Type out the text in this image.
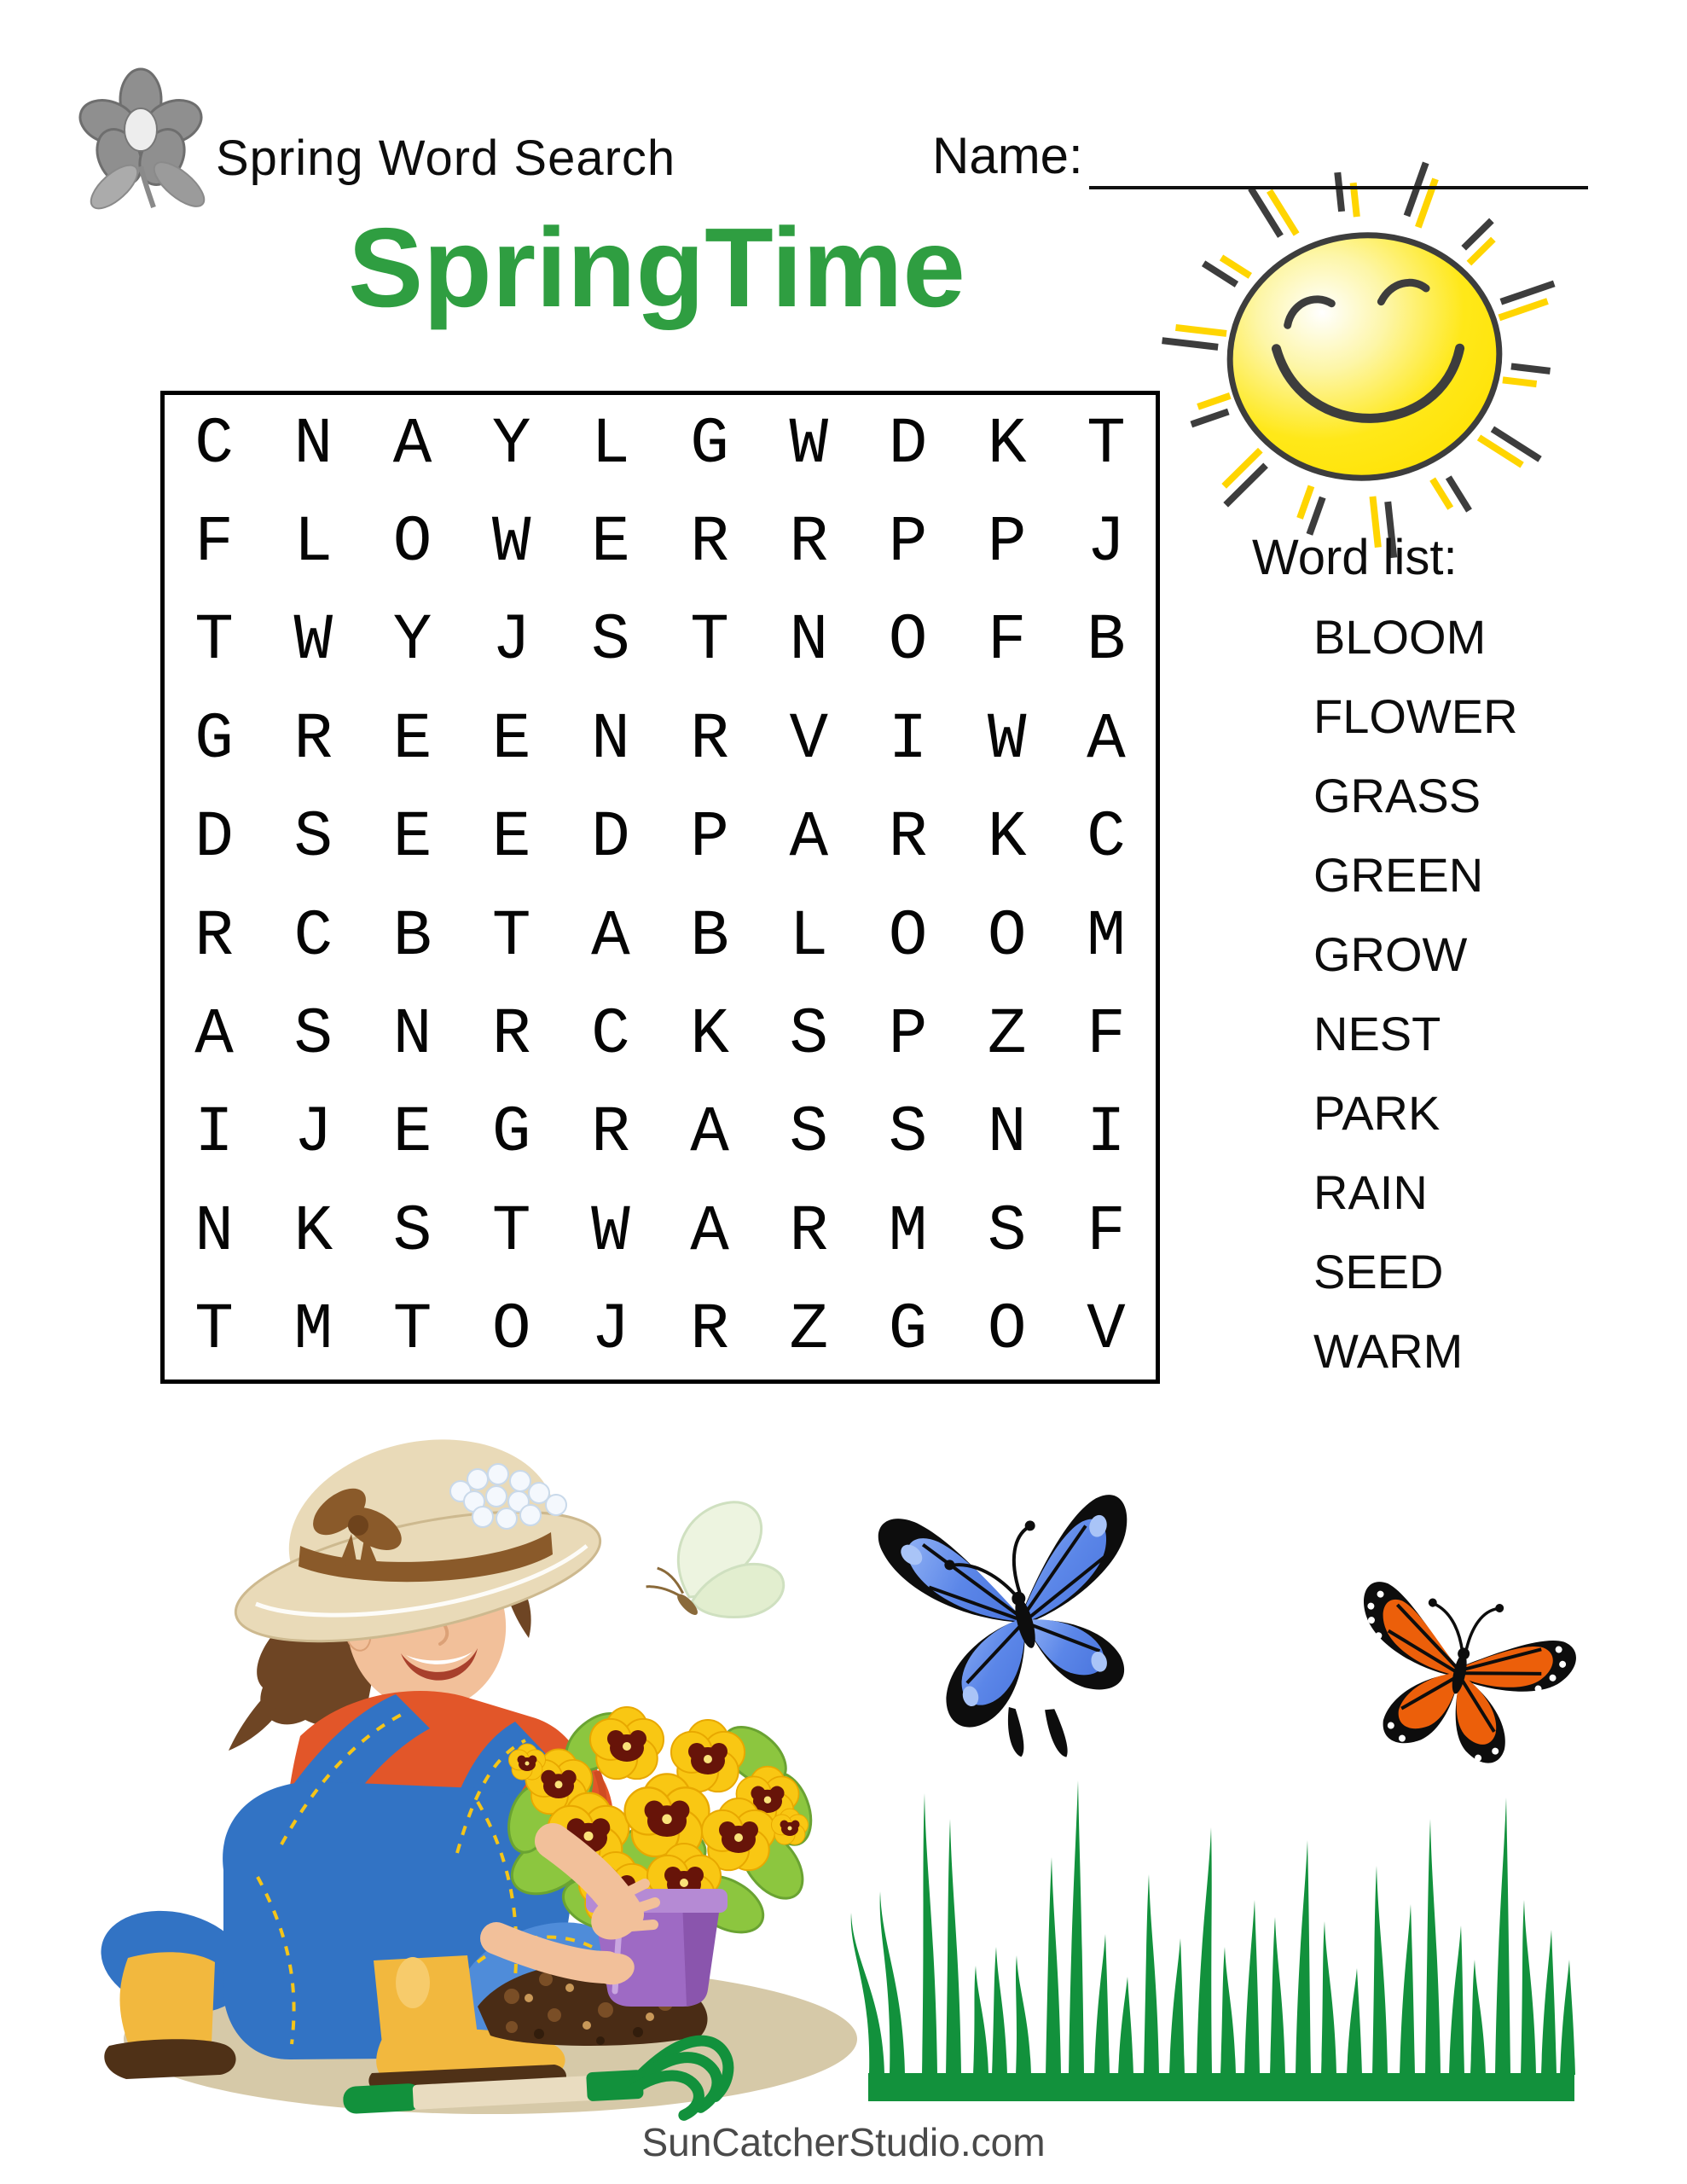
Spring Word Search	Name:
SpringTime
C N A Y L G W D K T
F L O W E R R P P J
T W Y J S T N O F B
G R E E N R V I W A
D S E E D P A R K C
R C B T A B L O O M
A S N R C K S P Z F
I J E G R A S S N I
N K S T W A R M S F
T M T O J R Z G O V
Word list:
BLOOM
FLOWER
GRASS
GREEN
GROW
NEST
PARK
RAIN
SEED
WARM
SunCatcherStudio.com
